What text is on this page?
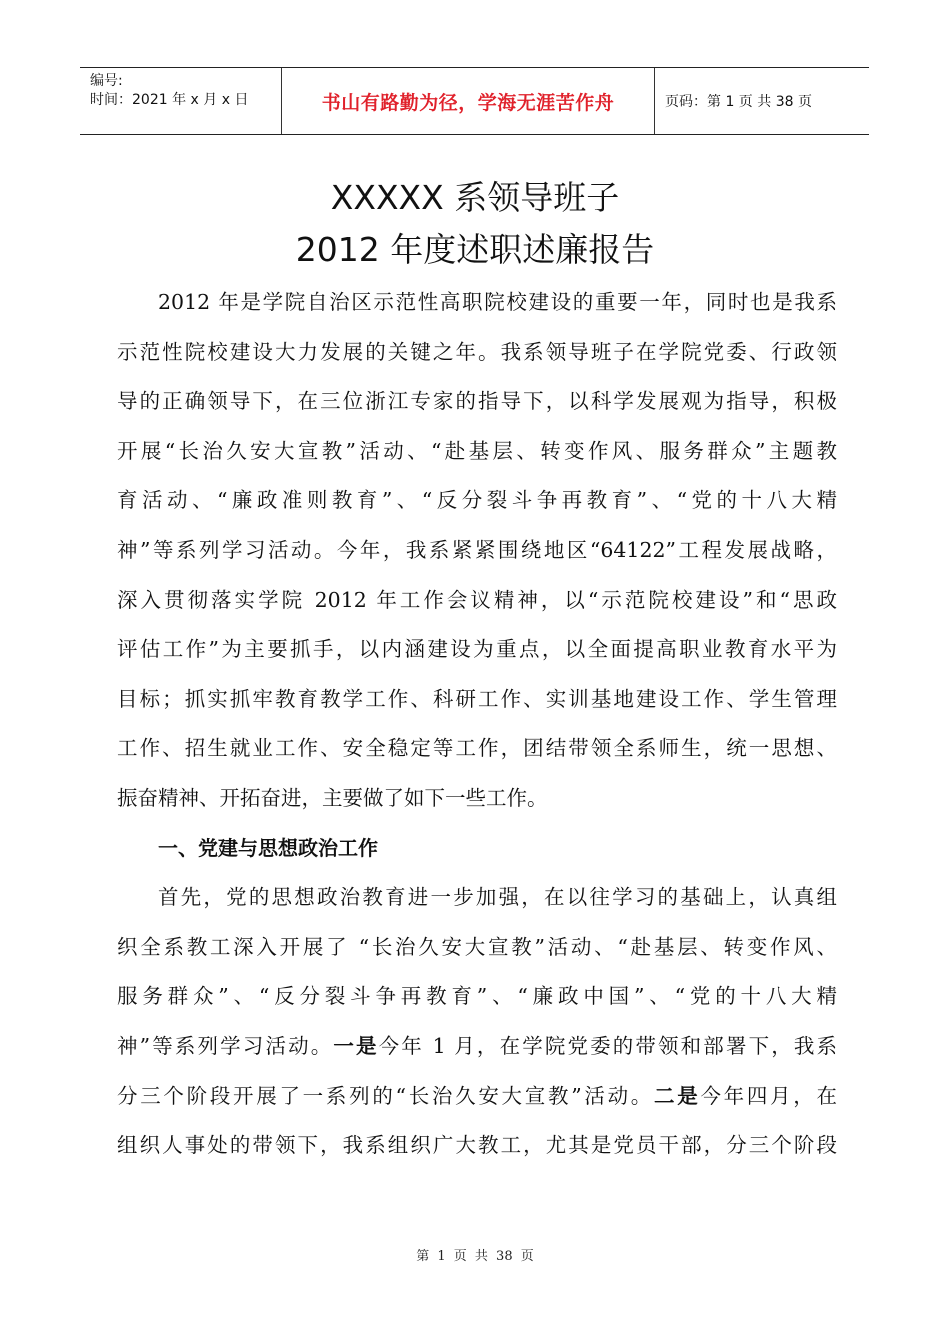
编号:
时间：2021 年 x 月 x 日	书山有路勤为径，学海无涯苦作舟	页码：第 1 页 共 38 页
XXXXX 系领导班子
2012 年度述职述廉报告
2012 年是学院自治区示范性高职院校建设的重要一年，同时也是我系
示范性院校建设大力发展的关键之年。我系领导班子在学院党委、行政领
导的正确领导下，在三位浙江专家的指导下，以科学发展观为指导，积极
开展“长治久安大宣教”活动、“赴基层、转变作风、服务群众”主题教
育活动、“廉政准则教育”、“反分裂斗争再教育”、“党的十八大精
神”等系列学习活动。今年，我系紧紧围绕地区“64122”工程发展战略，
深入贯彻落实学院 2012 年工作会议精神，以“示范院校建设”和“思政
评估工作”为主要抓手，以内涵建设为重点，以全面提高职业教育水平为
目标；抓实抓牢教育教学工作、科研工作、实训基地建设工作、学生管理
工作、招生就业工作、安全稳定等工作，团结带领全系师生，统一思想、
振奋精神、开拓奋进，主要做了如下一些工作。
一、党建与思想政治工作
首先，党的思想政治教育进一步加强，在以往学习的基础上，认真组
织全系教工深入开展了 “长治久安大宣教”活动、“赴基层、转变作风、
服务群众”、“反分裂斗争再教育”、“廉政中国”、“党的十八大精
神”等系列学习活动。一是今年 1 月，在学院党委的带领和部署下，我系
分三个阶段开展了一系列的“长治久安大宣教”活动。二是今年四月，在
组织人事处的带领下，我系组织广大教工，尤其是党员干部，分三个阶段
第 1 页 共 38 页
